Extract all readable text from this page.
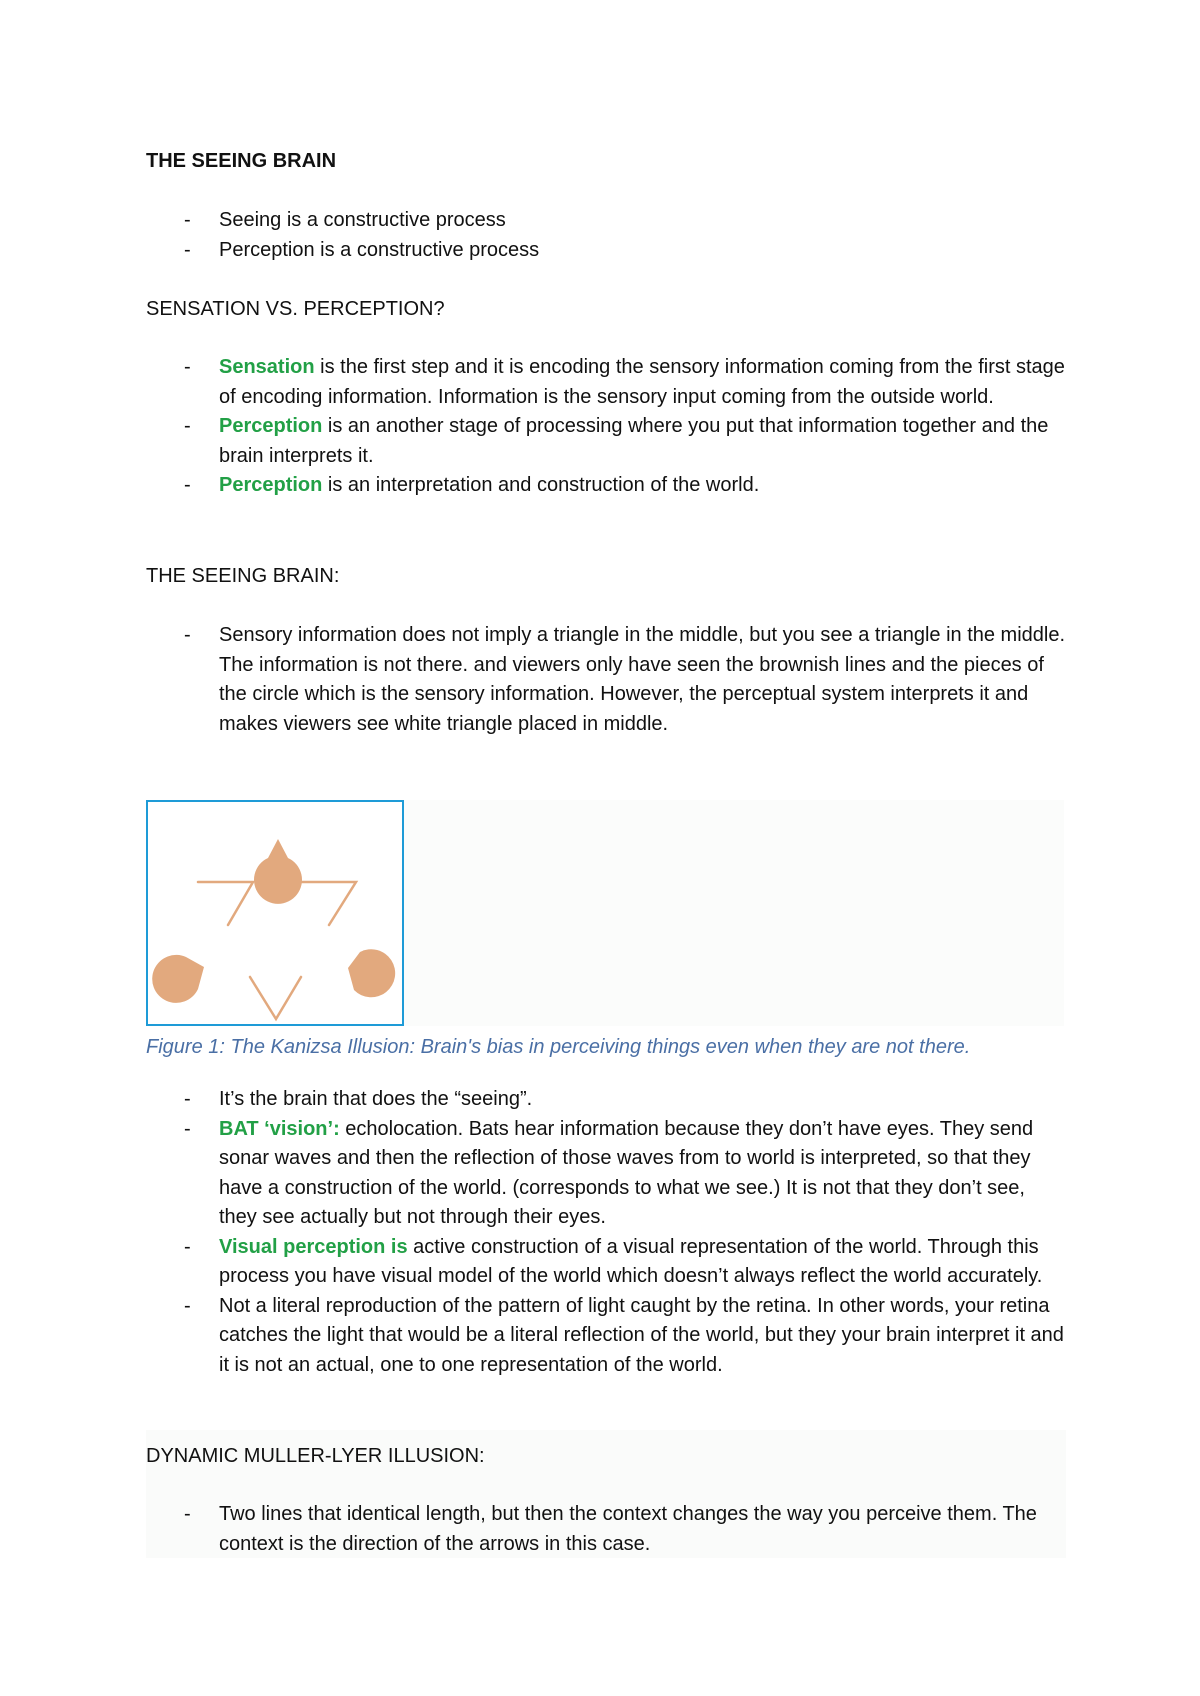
THE SEEING BRAIN
- Seeing is a constructive process
- Perception is a constructive process
SENSATION VS. PERCEPTION?
- Sensation is the first step and it is encoding the sensory information coming from the first stage of encoding information. Information is the sensory input coming from the outside world.
- Perception is an another stage of processing where you put that information together and the brain interprets it.
- Perception is an interpretation and construction of the world.
THE SEEING BRAIN:
- Sensory information does not imply a triangle in the middle, but you see a triangle in the middle. The information is not there. and viewers only have seen the brownish lines and the pieces of the circle which is the sensory information. However, the perceptual system interprets it and makes viewers see white triangle placed in middle.
Figure 1: The Kanizsa Illusion: Brain's bias in perceiving things even when they are not there.
- It’s the brain that does the “seeing”.
- BAT ‘vision’: echolocation. Bats hear information because they don’t have eyes. They send sonar waves and then the reflection of those waves from to world is interpreted, so that they have a construction of the world. (corresponds to what we see.) It is not that they don’t see, they see actually but not through their eyes.
- Visual perception is active construction of a visual representation of the world. Through this process you have visual model of the world which doesn’t always reflect the world accurately.
- Not a literal reproduction of the pattern of light caught by the retina. In other words, your retina catches the light that would be a literal reflection of the world, but they your brain interpret it and it is not an actual, one to one representation of the world.
DYNAMIC MULLER-LYER ILLUSION:
- Two lines that identical length, but then the context changes the way you perceive them. The context is the direction of the arrows in this case.
